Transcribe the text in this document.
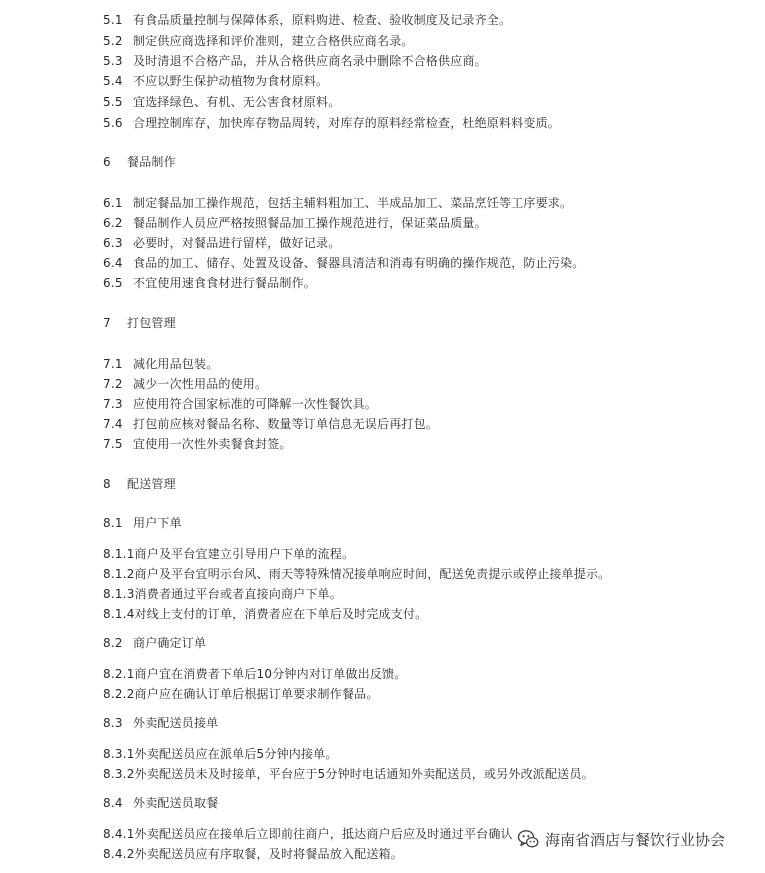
5.1 有食品质量控制与保障体系，原料购进、检查、验收制度及记录齐全。
5.2 制定供应商选择和评价准则，建立合格供应商名录。
5.3 及时清退不合格产品，并从合格供应商名录中删除不合格供应商。
5.4 不应以野生保护动植物为食材原料。
5.5 宜选择绿色、有机、无公害食材原料。
5.6 合理控制库存，加快库存物品周转，对库存的原料经常检查，杜绝原料料变质。
6 餐品制作
6.1 制定餐品加工操作规范，包括主辅料粗加工、半成品加工、菜品烹饪等工序要求。
6.2 餐品制作人员应严格按照餐品加工操作规范进行，保证菜品质量。
6.3 必要时，对餐品进行留样，做好记录。
6.4 食品的加工、储存、处置及设备、餐器具清洁和消毒有明确的操作规范，防止污染。
6.5 不宜使用速食食材进行餐品制作。
7 打包管理
7.1 减化用品包装。
7.2 减少一次性用品的使用。
7.3 应使用符合国家标准的可降解一次性餐饮具。
7.4 打包前应核对餐品名称、数量等订单信息无误后再打包。
7.5 宜使用一次性外卖餐食封签。
8 配送管理
8.1 用户下单
8.1.1商户及平台宜建立引导用户下单的流程。
8.1.2商户及平台宜明示台风、雨天等特殊情况接单响应时间，配送免责提示或停止接单提示。
8.1.3消费者通过平台或者直接向商户下单。
8.1.4对线上支付的订单，消费者应在下单后及时完成支付。
8.2 商户确定订单
8.2.1商户宜在消费者下单后10分钟内对订单做出反馈。
8.2.2商户应在确认订单后根据订单要求制作餐品。
8.3 外卖配送员接单
8.3.1外卖配送员应在派单后5分钟内接单。
8.3.2外卖配送员未及时接单，平台应于5分钟时电话通知外卖配送员，或另外改派配送员。
8.4 外卖配送员取餐
8.4.1外卖配送员应在接单后立即前往商户，抵达商户后应及时通过平台确认
8.4.2外卖配送员应有序取餐，及时将餐品放入配送箱。
海南省酒店与餐饮行业协会
